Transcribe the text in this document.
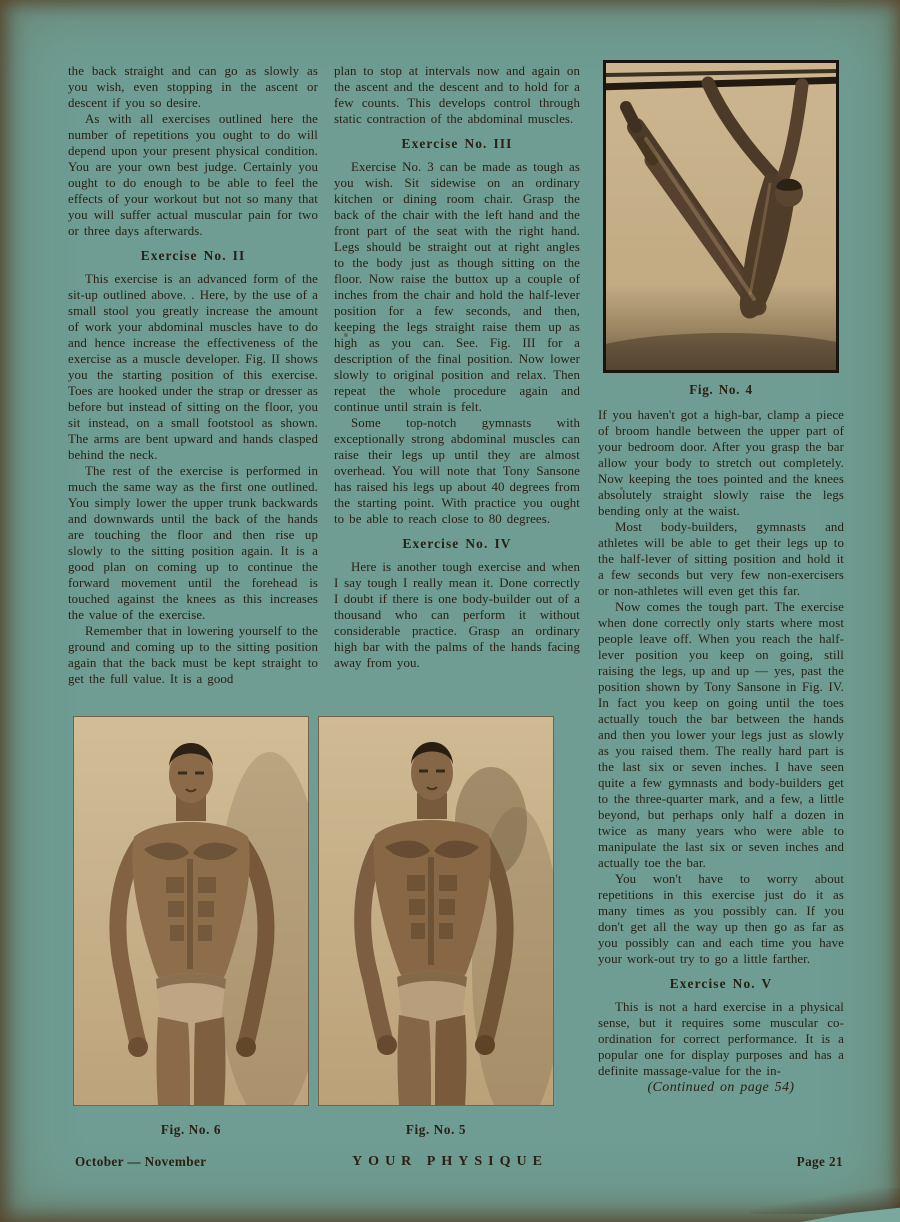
the back straight and can go as slowly as you wish, even stopping in the ascent or descent if you so desire.

As with all exercises outlined here the number of repetitions you ought to do will depend upon your present physical condition. You are your own best judge. Certainly you ought to do enough to be able to feel the effects of your workout but not so many that you will suffer actual muscular pain for two or three days afterwards.

Exercise No. II

This exercise is an advanced form of the sit-up outlined above. . Here, by the use of a small stool you greatly increase the amount of work your abdominal muscles have to do and hence increase the effectiveness of the exercise as a muscle developer. Fig. II shows you the starting position of this exercise. Toes are hooked under the strap or dresser as before but instead of sitting on the floor, you sit instead, on a small footstool as shown. The arms are bent upward and hands clasped behind the neck.

The rest of the exercise is performed in much the same way as the first one outlined. You simply lower the upper trunk backwards and downwards until the back of the hands are touching the floor and then rise up slowly to the sitting position again. It is a good plan on coming up to continue the forward movement until the forehead is touched against the knees as this increases the value of the exercise.

Remember that in lowering yourself to the ground and coming up to the sitting position again that the back must be kept straight to get the full value. It is a good

plan to stop at intervals now and again on the ascent and the descent and to hold for a few counts. This develops control through static contraction of the abdominal muscles.

Exercise No. III

Exercise No. 3 can be made as tough as you wish. Sit sidewise on an ordinary kitchen or dining room chair. Grasp the back of the chair with the left hand and the front part of the seat with the right hand. Legs should be straight out at right angles to the body just as though sitting on the floor. Now raise the buttox up a couple of inches from the chair and hold the half-lever position for a few seconds, and then, keeping the legs straight raise them up as high as you can. See. Fig. III for a description of the final position. Now lower slowly to original position and relax. Then repeat the whole procedure again and continue until strain is felt.

Some top-notch gymnasts with exceptionally strong abdominal muscles can raise their legs up until they are almost overhead. You will note that Tony Sansone has raised his legs up about 40 degrees from the starting point. With practice you ought to be able to reach close to 80 degrees.

Exercise No. IV

Here is another tough exercise and when I say tough I really mean it. Done correctly I doubt if there is one body-builder out of a thousand who can perform it without considerable practice. Grasp an ordinary high bar with the palms of the hands facing away from you.

Fig. No. 4

If you haven't got a high-bar, clamp a piece of broom handle between the upper part of your bedroom door. After you grasp the bar allow your body to stretch out completely. Now keeping the toes pointed and the knees absolutely straight slowly raise the legs bending only at the waist.

Most body-builders, gymnasts and athletes will be able to get their legs up to the half-lever of sitting position and hold it a few seconds but very few non-exercisers or non-athletes will even get this far.

Now comes the tough part. The exercise when done correctly only starts where most people leave off. When you reach the half-lever position you keep on going, still raising the legs, up and up — yes, past the position shown by Tony Sansone in Fig. IV. In fact you keep on going until the toes actually touch the bar between the hands and then you lower your legs just as slowly as you raised them. The really hard part is the last six or seven inches. I have seen quite a few gymnasts and body-builders get to the three-quarter mark, and a few, a little beyond, but perhaps only half a dozen in twice as many years who were able to manipulate the last six or seven inches and actually toe the bar.

You won't have to worry about repetitions in this exercise just do it as many times as you possibly can. If you don't get all the way up then go as far as you possibly can and each time you have your work-out try to go a little farther.

Exercise No. V

This is not a hard exercise in a physical sense, but it requires some muscular co-ordination for correct performance. It is a popular one for display purposes and has a definite massage-value for the in-

(Continued on page 54)
Fig. No. 6	Fig. No. 5
October — November	YOUR PHYSIQUE	Page 21
